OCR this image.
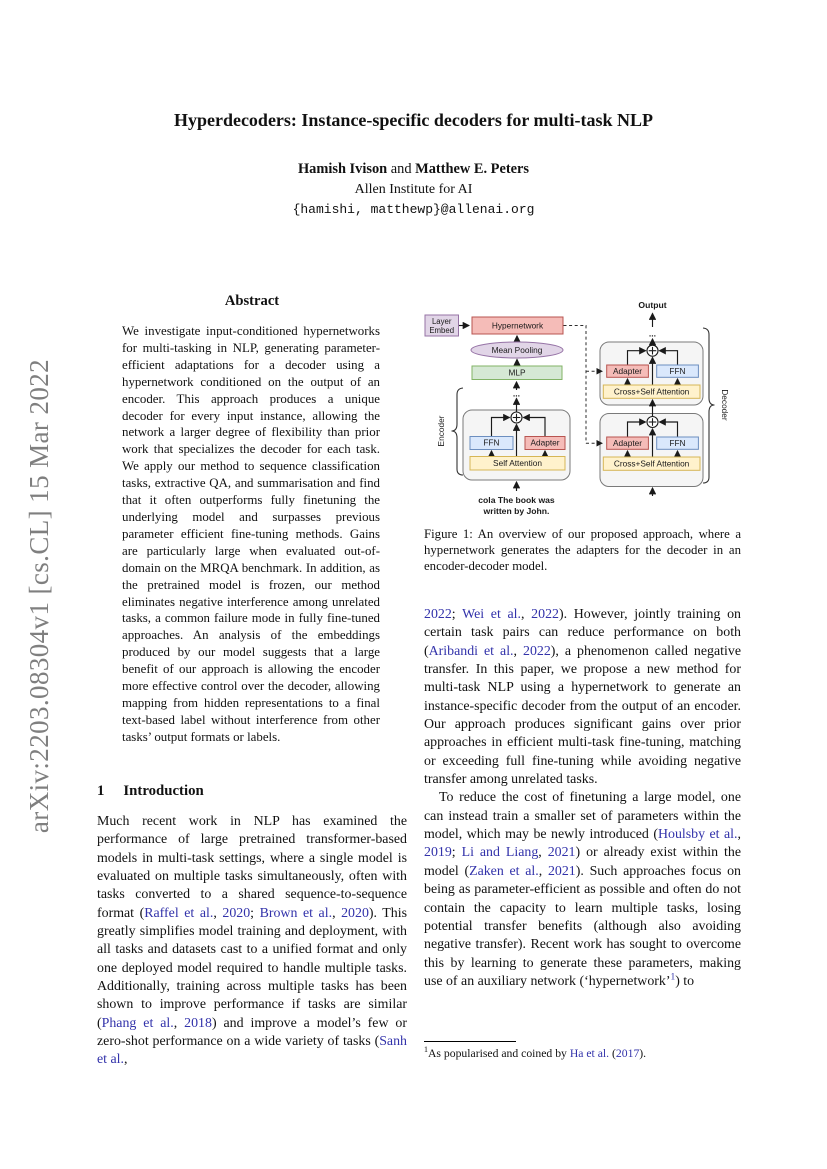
arXiv:2203.08304v1 [cs.CL] 15 Mar 2022
Hyperdecoders: Instance-specific decoders for multi-task NLP
Hamish Ivison and Matthew E. Peters
Allen Institute for AI
{hamishi, matthewp}@allenai.org

Abstract

We investigate input-conditioned hypernetworks for multi-tasking in NLP, generating parameter-efficient adaptations for a decoder using a hypernetwork conditioned on the output of an encoder. This approach produces a unique decoder for every input instance, allowing the network a larger degree of flexibility than prior work that specializes the decoder for each task. We apply our method to sequence classification tasks, extractive QA, and summarisation and find that it often outperforms fully finetuning the underlying model and surpasses previous parameter efficient fine-tuning methods. Gains are particularly large when evaluated out-of-domain on the MRQA benchmark. In addition, as the pretrained model is frozen, our method eliminates negative interference among unrelated tasks, a common failure mode in fully fine-tuned approaches. An analysis of the embeddings produced by our model suggests that a large benefit of our approach is allowing the encoder more effective control over the decoder, allowing mapping from hidden representations to a final text-based label without interference from other tasks’ output formats or labels.

1 Introduction

Much recent work in NLP has examined the performance of large pretrained transformer-based models in multi-task settings, where a single model is evaluated on multiple tasks simultaneously, often with tasks converted to a shared sequence-to-sequence format (Raffel et al., 2020; Brown et al., 2020). This greatly simplifies model training and deployment, with all tasks and datasets cast to a unified format and only one deployed model required to handle multiple tasks. Additionally, training across multiple tasks has been shown to improve performance if tasks are similar (Phang et al., 2018) and improve a model’s few or zero-shot performance on a wide variety of tasks (Sanh et al.,

Layer
Embed
Hypernetwork
Mean Pooling
MLP
...
FFN	Adapter
Self Attention
Encoder
cola The book was
written by John.
Output
...
Adapter	FFN
Cross+Self Attention
Adapter	FFN
Cross+Self Attention
Decoder
Figure 1: An overview of our proposed approach, where a hypernetwork generates the adapters for the decoder in an encoder-decoder model.

2022; Wei et al., 2022). However, jointly training on certain task pairs can reduce performance on both (Aribandi et al., 2022), a phenomenon called negative transfer. In this paper, we propose a new method for multi-task NLP using a hypernetwork to generate an instance-specific decoder from the output of an encoder. Our approach produces significant gains over prior approaches in efficient multi-task fine-tuning, matching or exceeding full fine-tuning while avoiding negative transfer among unrelated tasks.

To reduce the cost of finetuning a large model, one can instead train a smaller set of parameters within the model, which may be newly introduced (Houlsby et al., 2019; Li and Liang, 2021) or already exist within the model (Zaken et al., 2021). Such approaches focus on being as parameter-efficient as possible and often do not contain the capacity to learn multiple tasks, losing potential transfer benefits (although also avoiding negative transfer). Recent work has sought to overcome this by learning to generate these parameters, making use of an auxiliary network (‘hypernetwork’$^1$) to

$^1$As popularised and coined by Ha et al. (2017).
